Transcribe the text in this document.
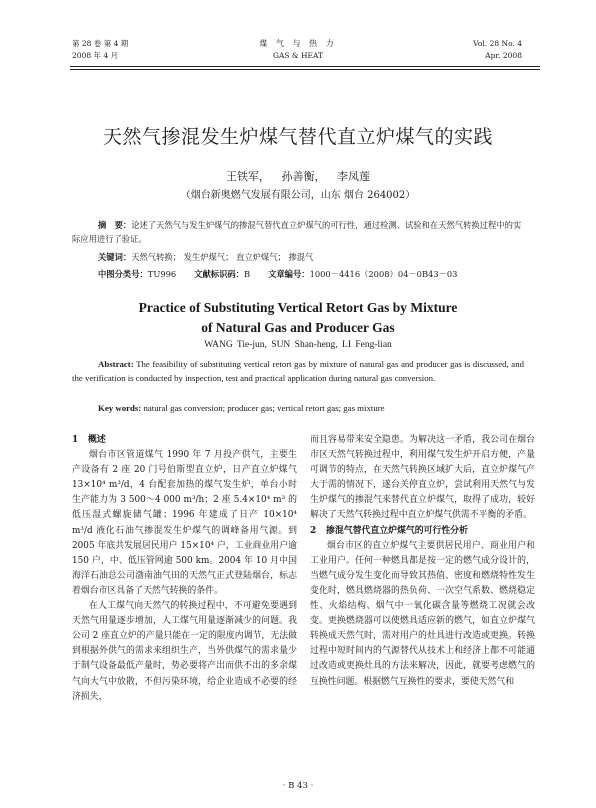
第 28 卷 第 4 期
2008 年 4 月
煤 气 与 热 力
GAS & HEAT
Vol. 28 No. 4
Apr. 2008
天然气掺混发生炉煤气替代直立炉煤气的实践
王铁军， 孙善衡， 李凤莲
（烟台新奥燃气发展有限公司，山东 烟台 264002）
摘　要：论述了天然气与发生炉煤气的掺混气替代直立炉煤气的可行性，通过检测、试验和在天然气转换过程中的实际应用进行了验证。
关键词：天然气转换； 发生炉煤气； 直立炉煤气； 掺混气
中图分类号：TU996 文献标识码：B 文章编号：1000－4416（2008）04－0B43－03
Practice of Substituting Vertical Retort Gas by Mixture
of Natural Gas and Producer Gas
WANG Tie-jun, SUN Shan-heng, LI Feng-lian
Abstract: The feasibility of substituting vertical retort gas by mixture of natural gas and producer gas is discussed, and the verification is conducted by inspection, test and practical application during natural gas conversion.
Key words: natural gas conversion; producer gas; vertical retort gas; gas mixture

1 概述

烟台市区管道煤气 1990 年 7 月投产供气，主要生产设备有 2 座 20 门号伯斯型直立炉，日产直立炉煤气 13×10⁴ m³/d，4 台配套加热的煤气发生炉，单台小时生产能力为 3 500～4 000 m³/h；2 座 5.4×10⁴ m³ 的低压湿式螺旋储气罐；1996 年建成了日产 10×10⁴ m³/d 液化石油气掺混发生炉煤气的调峰备用气源。到 2005 年底共发展居民用户 15×10⁴ 户，工业商业用户逾 150 户，中、低压管网逾 500 km。2004 年 10 月中国海洋石油总公司渤南油气田的天然气正式登陆烟台，标志着烟台市区具备了天然气转换的条件。

在人工煤气向天然气的转换过程中，不可避免要遇到天然气用量逐步增加，人工煤气用量逐渐减少的问题。我公司 2 座直立炉的产量只能在一定的限度内调节，无法做到根据外供气的需求来组织生产，当外供煤气的需求量少于制气设备最低产量时，势必要将产出而供不出的多余煤气向大气中放散，不但污染环境，给企业造成不必要的经济损失，

而且容易带来安全隐患。为解决这一矛盾，我公司在烟台市区天然气转换过程中，利用煤气发生炉开启方便，产量可调节的特点，在天然气转换区域扩大后，直立炉煤气产大于需的情况下，遂台关停直立炉，尝试利用天然气与发生炉煤气的掺混气来替代直立炉煤气，取得了成功，较好解决了天然气转换过程中直立炉煤气供需不平衡的矛盾。

2 掺混气替代直立炉煤气的可行性分析

烟台市区的直立炉煤气主要供居民用户、商业用户和工业用户。任何一种燃具都是按一定的燃气成分设计的，当燃气成分发生变化而导致其热值、密度和燃烧特性发生变化时，燃具燃烧器的热负荷、一次空气系数、燃烧稳定性、火焰结构、烟气中一氧化碳含量等燃烧工况就会改变。更换燃烧器可以使燃具适应新的燃气，如直立炉煤气转换成天然气时，需对用户的灶具进行改造或更换。转换过程中短时间内的气源替代从技术上和经济上都不可能通过改造或更换灶具的方法来解决，因此，就要考虑燃气的互换性问题。根据燃气互换性的要求，要使天然气和

· B 43 ·
